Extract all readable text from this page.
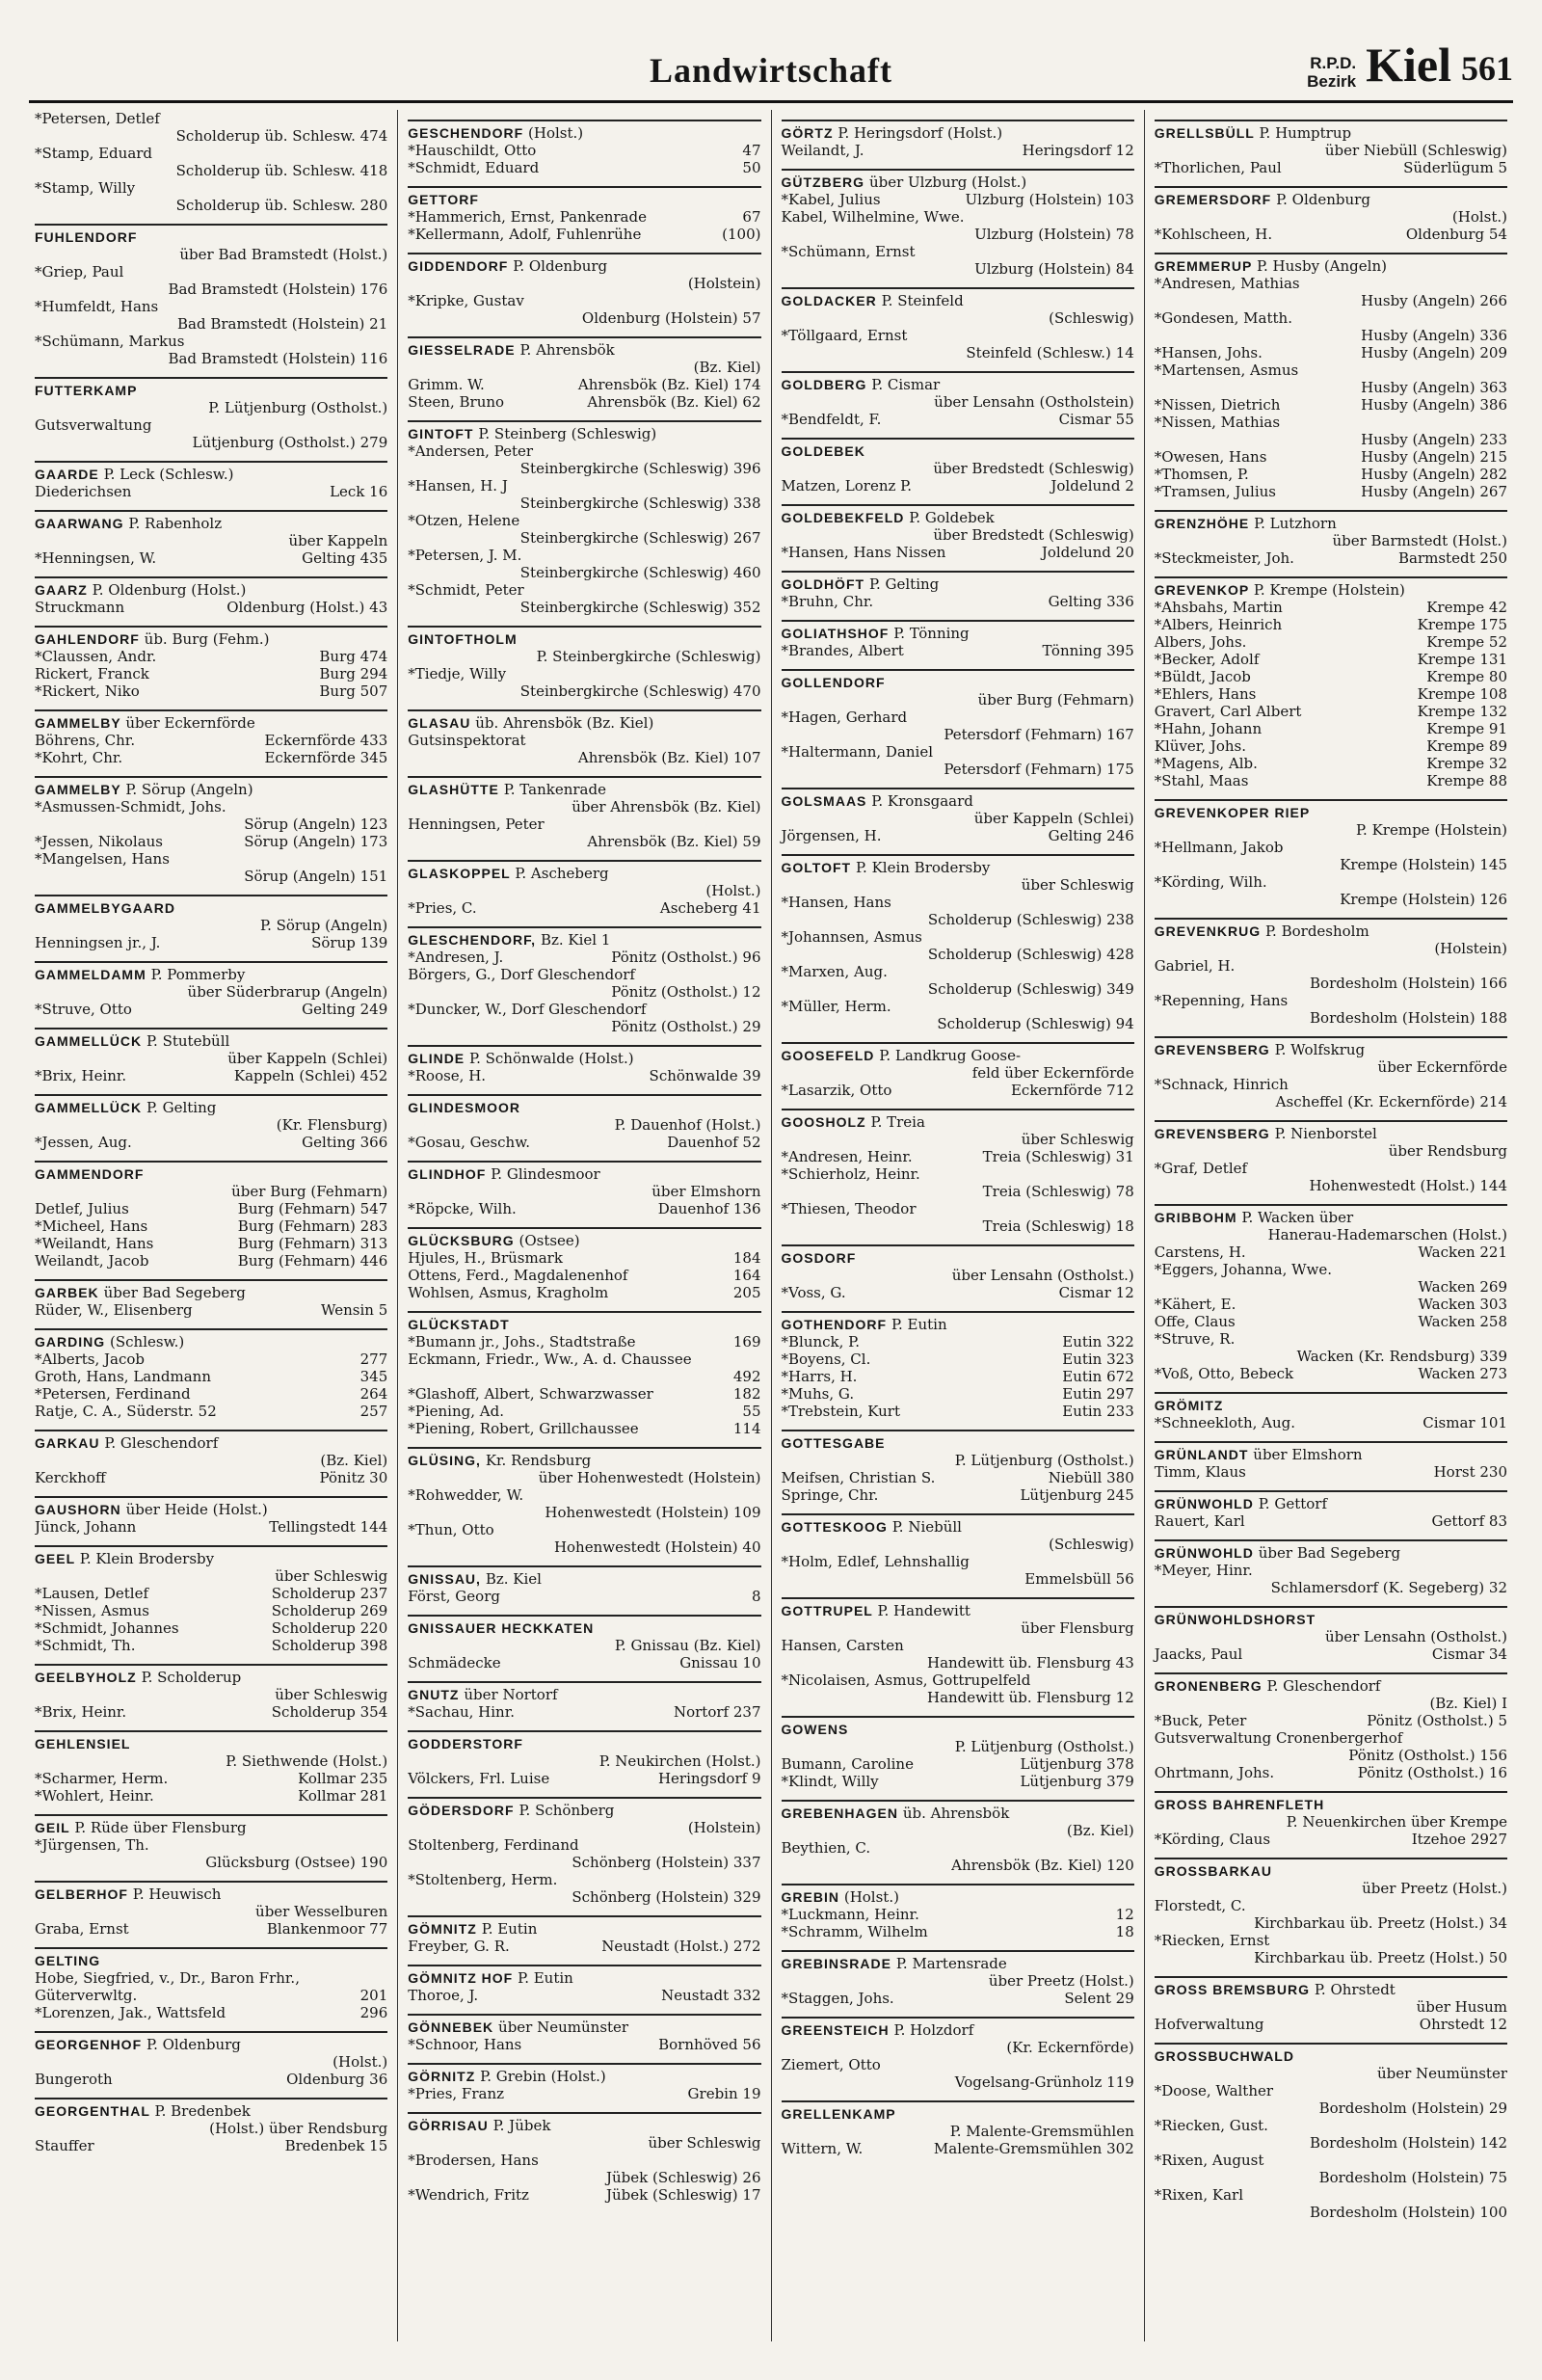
Landwirtschaft	R.P.D.
Bezirk Kiel 561
*Petersen, Detlef
Scholderup üb. Schlesw. 474
*Stamp, Eduard
Scholderup üb. Schlesw. 418
*Stamp, Willy
Scholderup üb. Schlesw. 280
FUHLENDORF
über Bad Bramstedt (Holst.)
*Griep, Paul
Bad Bramstedt (Holstein) 176
*Humfeldt, Hans
Bad Bramstedt (Holstein) 21
*Schümann, Markus
Bad Bramstedt (Holstein) 116
FUTTERKAMP
P. Lütjenburg (Ostholst.)
Gutsverwaltung
Lütjenburg (Ostholst.) 279
GAARDE P. Leck (Schlesw.)
Diederichsen	Leck 16
GAARWANG P. Rabenholz
über Kappeln
*Henningsen, W.	Gelting 435
GAARZ P. Oldenburg (Holst.)
Struckmann	Oldenburg (Holst.) 43
GAHLENDORF üb. Burg (Fehm.)
*Claussen, Andr.	Burg 474
Rickert, Franck	Burg 294
*Rickert, Niko	Burg 507
GAMMELBY über Eckernförde
Böhrens, Chr.	Eckernförde 433
*Kohrt, Chr.	Eckernförde 345
GAMMELBY P. Sörup (Angeln)
*Asmussen-Schmidt, Johs.
Sörup (Angeln) 123
*Jessen, Nikolaus	Sörup (Angeln) 173
*Mangelsen, Hans
Sörup (Angeln) 151
GAMMELBYGAARD
P. Sörup (Angeln)
Henningsen jr., J.	Sörup 139
GAMMELDAMM P. Pommerby
über Süderbrarup (Angeln)
*Struve, Otto	Gelting 249
GAMMELLÜCK P. Stutebüll
über Kappeln (Schlei)
*Brix, Heinr.	Kappeln (Schlei) 452
GAMMELLÜCK P. Gelting
(Kr. Flensburg)
*Jessen, Aug.	Gelting 366
GAMMENDORF
über Burg (Fehmarn)
Detlef, Julius	Burg (Fehmarn) 547
*Micheel, Hans	Burg (Fehmarn) 283
*Weilandt, Hans	Burg (Fehmarn) 313
Weilandt, Jacob	Burg (Fehmarn) 446
GARBEK über Bad Segeberg
Rüder, W., Elisenberg	Wensin 5
GARDING (Schlesw.)
*Alberts, Jacob	277
Groth, Hans, Landmann	345
*Petersen, Ferdinand	264
Ratje, C. A., Süderstr. 52	257
GARKAU P. Gleschendorf
(Bz. Kiel)
Kerckhoff	Pönitz 30
GAUSHORN über Heide (Holst.)
Jünck, Johann	Tellingstedt 144
GEEL P. Klein Brodersby
über Schleswig
*Lausen, Detlef	Scholderup 237
*Nissen, Asmus	Scholderup 269
*Schmidt, Johannes	Scholderup 220
*Schmidt, Th.	Scholderup 398
GEELBYHOLZ P. Scholderup
über Schleswig
*Brix, Heinr.	Scholderup 354
GEHLENSIEL
P. Siethwende (Holst.)
*Scharmer, Herm.	Kollmar 235
*Wohlert, Heinr.	Kollmar 281
GEIL P. Rüde über Flensburg
*Jürgensen, Th.
Glücksburg (Ostsee) 190
GELBERHOF P. Heuwisch
über Wesselburen
Graba, Ernst	Blankenmoor 77
GELTING
Hobe, Siegfried, v., Dr., Baron Frhr.,
Güterverwltg.	201
*Lorenzen, Jak., Wattsfeld	296
GEORGENHOF P. Oldenburg
(Holst.)
Bungeroth	Oldenburg 36
GEORGENTHAL P. Bredenbek
(Holst.) über Rendsburg
Stauffer	Bredenbek 15
GESCHENDORF (Holst.)
*Hauschildt, Otto	47
*Schmidt, Eduard	50
GETTORF
*Hammerich, Ernst, Pankenrade	67
*Kellermann, Adolf, Fuhlenrühe	(100)
GIDDENDORF P. Oldenburg
(Holstein)
*Kripke, Gustav
Oldenburg (Holstein) 57
GIESSELRADE P. Ahrensbök
(Bz. Kiel)
Grimm. W.	Ahrensbök (Bz. Kiel) 174
Steen, Bruno	Ahrensbök (Bz. Kiel) 62
GINTOFT P. Steinberg (Schleswig)
*Andersen, Peter
Steinbergkirche (Schleswig) 396
*Hansen, H. J
Steinbergkirche (Schleswig) 338
*Otzen, Helene
Steinbergkirche (Schleswig) 267
*Petersen, J. M.
Steinbergkirche (Schleswig) 460
*Schmidt, Peter
Steinbergkirche (Schleswig) 352
GINTOFTHOLM
P. Steinbergkirche (Schleswig)
*Tiedje, Willy
Steinbergkirche (Schleswig) 470
GLASAU üb. Ahrensbök (Bz. Kiel)
Gutsinspektorat
Ahrensbök (Bz. Kiel) 107
GLASHÜTTE P. Tankenrade
über Ahrensbök (Bz. Kiel)
Henningsen, Peter
Ahrensbök (Bz. Kiel) 59
GLASKOPPEL P. Ascheberg
(Holst.)
*Pries, C.	Ascheberg 41
GLESCHENDORF, Bz. Kiel 1
*Andresen, J.	Pönitz (Ostholst.) 96
Börgers, G., Dorf Gleschendorf
Pönitz (Ostholst.) 12
*Duncker, W., Dorf Gleschendorf
Pönitz (Ostholst.) 29
GLINDE P. Schönwalde (Holst.)
*Roose, H.	Schönwalde 39
GLINDESMOOR
P. Dauenhof (Holst.)
*Gosau, Geschw.	Dauenhof 52
GLINDHOF P. Glindesmoor
über Elmshorn
*Röpcke, Wilh.	Dauenhof 136
GLÜCKSBURG (Ostsee)
Hjules, H., Brüsmark	184
Ottens, Ferd., Magdalenenhof	164
Wohlsen, Asmus, Kragholm	205
GLÜCKSTADT
*Bumann jr., Johs., Stadtstraße	169
Eckmann, Friedr., Ww., A. d. Chaussee
492
*Glashoff, Albert, Schwarzwasser	182
*Piening, Ad.	55
*Piening, Robert, Grillchaussee	114
GLÜSING, Kr. Rendsburg
über Hohenwestedt (Holstein)
*Rohwedder, W.
Hohenwestedt (Holstein) 109
*Thun, Otto
Hohenwestedt (Holstein) 40
GNISSAU, Bz. Kiel
Först, Georg	8
GNISSAUER HECKKATEN
P. Gnissau (Bz. Kiel)
Schmädecke	Gnissau 10
GNUTZ über Nortorf
*Sachau, Hinr.	Nortorf 237
GODDERSTORF
P. Neukirchen (Holst.)
Völckers, Frl. Luise	Heringsdorf 9
GÖDERSDORF P. Schönberg
(Holstein)
Stoltenberg, Ferdinand
Schönberg (Holstein) 337
*Stoltenberg, Herm.
Schönberg (Holstein) 329
GÖMNITZ P. Eutin
Freyber, G. R.	Neustadt (Holst.) 272
GÖMNITZ HOF P. Eutin
Thoroe, J.	Neustadt 332
GÖNNEBEK über Neumünster
*Schnoor, Hans	Bornhöved 56
GÖRNITZ P. Grebin (Holst.)
*Pries, Franz	Grebin 19
GÖRRISAU P. Jübek
über Schleswig
*Brodersen, Hans
Jübek (Schleswig) 26
*Wendrich, Fritz	Jübek (Schleswig) 17
GÖRTZ P. Heringsdorf (Holst.)
Weilandt, J.	Heringsdorf 12
GÜTZBERG über Ulzburg (Holst.)
*Kabel, Julius	Ulzburg (Holstein) 103
Kabel, Wilhelmine, Wwe.
Ulzburg (Holstein) 78
*Schümann, Ernst
Ulzburg (Holstein) 84
GOLDACKER P. Steinfeld
(Schleswig)
*Töllgaard, Ernst
Steinfeld (Schlesw.) 14
GOLDBERG P. Cismar
über Lensahn (Ostholstein)
*Bendfeldt, F.	Cismar 55
GOLDEBEK
über Bredstedt (Schleswig)
Matzen, Lorenz P.	Joldelund 2
GOLDEBEKFELD P. Goldebek
über Bredstedt (Schleswig)
*Hansen, Hans Nissen	Joldelund 20
GOLDHÖFT P. Gelting
*Bruhn, Chr.	Gelting 336
GOLIATHSHOF P. Tönning
*Brandes, Albert	Tönning 395
GOLLENDORF
über Burg (Fehmarn)
*Hagen, Gerhard
Petersdorf (Fehmarn) 167
*Haltermann, Daniel
Petersdorf (Fehmarn) 175
GOLSMAAS P. Kronsgaard
über Kappeln (Schlei)
Jörgensen, H.	Gelting 246
GOLTOFT P. Klein Brodersby
über Schleswig
*Hansen, Hans
Scholderup (Schleswig) 238
*Johannsen, Asmus
Scholderup (Schleswig) 428
*Marxen, Aug.
Scholderup (Schleswig) 349
*Müller, Herm.
Scholderup (Schleswig) 94
GOOSEFELD P. Landkrug Goose-
feld über Eckernförde
*Lasarzik, Otto	Eckernförde 712
GOOSHOLZ P. Treia
über Schleswig
*Andresen, Heinr.	Treia (Schleswig) 31
*Schierholz, Heinr.
Treia (Schleswig) 78
*Thiesen, Theodor
Treia (Schleswig) 18
GOSDORF
über Lensahn (Ostholst.)
*Voss, G.	Cismar 12
GOTHENDORF P. Eutin
*Blunck, P.	Eutin 322
*Boyens, Cl.	Eutin 323
*Harrs, H.	Eutin 672
*Muhs, G.	Eutin 297
*Trebstein, Kurt	Eutin 233
GOTTESGABE
P. Lütjenburg (Ostholst.)
Meifsen, Christian S.	Niebüll 380
Springe, Chr.	Lütjenburg 245
GOTTESKOOG P. Niebüll
(Schleswig)
*Holm, Edlef, Lehnshallig
Emmelsbüll 56
GOTTRUPEL P. Handewitt
über Flensburg
Hansen, Carsten
Handewitt üb. Flensburg 43
*Nicolaisen, Asmus, Gottrupelfeld
Handewitt üb. Flensburg 12
GOWENS
P. Lütjenburg (Ostholst.)
Bumann, Caroline	Lütjenburg 378
*Klindt, Willy	Lütjenburg 379
GREBENHAGEN üb. Ahrensbök
(Bz. Kiel)
Beythien, C.
Ahrensbök (Bz. Kiel) 120
GREBIN (Holst.)
*Luckmann, Heinr.	12
*Schramm, Wilhelm	18
GREBINSRADE P. Martensrade
über Preetz (Holst.)
*Staggen, Johs.	Selent 29
GREENSTEICH P. Holzdorf
(Kr. Eckernförde)
Ziemert, Otto
Vogelsang-Grünholz 119
GRELLENKAMP
P. Malente-Gremsmühlen
Wittern, W.	Malente-Gremsmühlen 302
GRELLSBÜLL P. Humptrup
über Niebüll (Schleswig)
*Thorlichen, Paul	Süderlügum 5
GREMERSDORF P. Oldenburg
(Holst.)
*Kohlscheen, H.	Oldenburg 54
GREMMERUP P. Husby (Angeln)
*Andresen, Mathias
Husby (Angeln) 266
*Gondesen, Matth.
Husby (Angeln) 336
*Hansen, Johs.	Husby (Angeln) 209
*Martensen, Asmus
Husby (Angeln) 363
*Nissen, Dietrich	Husby (Angeln) 386
*Nissen, Mathias
Husby (Angeln) 233
*Owesen, Hans	Husby (Angeln) 215
*Thomsen, P.	Husby (Angeln) 282
*Tramsen, Julius	Husby (Angeln) 267
GRENZHÖHE P. Lutzhorn
über Barmstedt (Holst.)
*Steckmeister, Joh.	Barmstedt 250
GREVENKOP P. Krempe (Holstein)
*Ahsbahs, Martin	Krempe 42
*Albers, Heinrich	Krempe 175
Albers, Johs.	Krempe 52
*Becker, Adolf	Krempe 131
*Büldt, Jacob	Krempe 80
*Ehlers, Hans	Krempe 108
Gravert, Carl Albert	Krempe 132
*Hahn, Johann	Krempe 91
Klüver, Johs.	Krempe 89
*Magens, Alb.	Krempe 32
*Stahl, Maas	Krempe 88
GREVENKOPER RIEP
P. Krempe (Holstein)
*Hellmann, Jakob
Krempe (Holstein) 145
*Körding, Wilh.
Krempe (Holstein) 126
GREVENKRUG P. Bordesholm
(Holstein)
Gabriel, H.
Bordesholm (Holstein) 166
*Repenning, Hans
Bordesholm (Holstein) 188
GREVENSBERG P. Wolfskrug
über Eckernförde
*Schnack, Hinrich
Ascheffel (Kr. Eckernförde) 214
GREVENSBERG P. Nienborstel
über Rendsburg
*Graf, Detlef
Hohenwestedt (Holst.) 144
GRIBBOHM P. Wacken über
Hanerau-Hademarschen (Holst.)
Carstens, H.	Wacken 221
*Eggers, Johanna, Wwe.
Wacken 269
*Kähert, E.	Wacken 303
Offe, Claus	Wacken 258
*Struve, R.
Wacken (Kr. Rendsburg) 339
*Voß, Otto, Bebeck	Wacken 273
GRÖMITZ
*Schneekloth, Aug.	Cismar 101
GRÜNLANDT über Elmshorn
Timm, Klaus	Horst 230
GRÜNWOHLD P. Gettorf
Rauert, Karl	Gettorf 83
GRÜNWOHLD über Bad Segeberg
*Meyer, Hinr.
Schlamersdorf (K. Segeberg) 32
GRÜNWOHLDSHORST
über Lensahn (Ostholst.)
Jaacks, Paul	Cismar 34
GRONENBERG P. Gleschendorf
(Bz. Kiel) I
*Buck, Peter	Pönitz (Ostholst.) 5
Gutsverwaltung Cronenbergerhof
Pönitz (Ostholst.) 156
Ohrtmann, Johs.	Pönitz (Ostholst.) 16
GROSS BAHRENFLETH
P. Neuenkirchen über Krempe
*Körding, Claus	Itzehoe 2927
GROSSBARKAU
über Preetz (Holst.)
Florstedt, C.
Kirchbarkau üb. Preetz (Holst.) 34
*Riecken, Ernst
Kirchbarkau üb. Preetz (Holst.) 50
GROSS BREMSBURG P. Ohrstedt
über Husum
Hofverwaltung	Ohrstedt 12
GROSSBUCHWALD
über Neumünster
*Doose, Walther
Bordesholm (Holstein) 29
*Riecken, Gust.
Bordesholm (Holstein) 142
*Rixen, August
Bordesholm (Holstein) 75
*Rixen, Karl
Bordesholm (Holstein) 100
